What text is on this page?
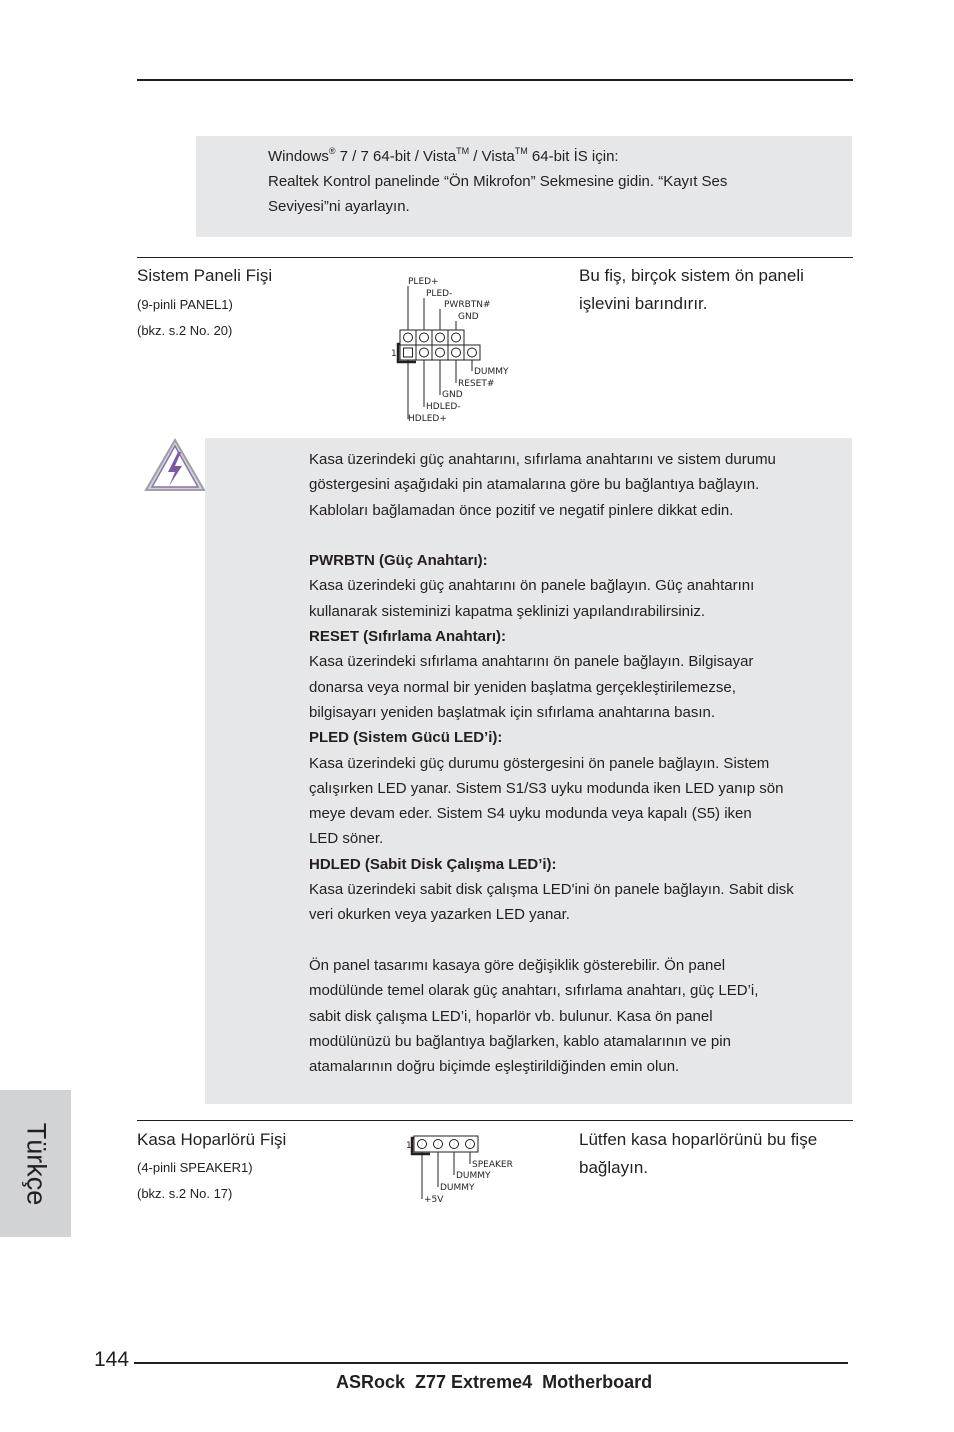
Windows® 7 / 7 64-bit / Vista™ / Vista™ 64-bit İS için:
Realtek Kontrol panelinde “Ön Mikrofon” Sekmesine gidin. “Kayıt Ses
Seviyesi”ni ayarlayın.
Sistem Paneli Fişi
(9-pinli PANEL1)
(bkz. s.2 No. 20)
Bu fiş, birçok sistem ön paneli
işlevini barındırır.
PLED+
PLED-
PWRBTN#
GND
1
DUMMY
RESET#
GND
HDLED-
HDLED+
Kasa üzerindeki güç anahtarını, sıfırlama anahtarını ve sistem durumu
göstergesini aşağıdaki pin atamalarına göre bu bağlantıya bağlayın.
Kabloları bağlamadan önce pozitif ve negatif pinlere dikkat edin.
PWRBTN (Güç Anahtarı):
Kasa üzerindeki güç anahtarını ön panele bağlayın. Güç anahtarını
kullanarak sisteminizi kapatma şeklinizi yapılandırabilirsiniz.
RESET (Sıfırlama Anahtarı):
Kasa üzerindeki sıfırlama anahtarını ön panele bağlayın. Bilgisayar
donarsa veya normal bir yeniden başlatma gerçekleştirilemezse,
bilgisayarı yeniden başlatmak için sıfırlama anahtarına basın.
PLED (Sistem Gücü LED’i):
Kasa üzerindeki güç durumu göstergesini ön panele bağlayın. Sistem
çalışırken LED yanar. Sistem S1/S3 uyku modunda iken LED yanıp sön
meye devam eder. Sistem S4 uyku modunda veya kapalı (S5) iken
LED söner.
HDLED (Sabit Disk Çalışma LED’i):
Kasa üzerindeki sabit disk çalışma LED'ini ön panele bağlayın. Sabit disk
veri okurken veya yazarken LED yanar.
Ön panel tasarımı kasaya göre değişiklik gösterebilir. Ön panel
modülünde temel olarak güç anahtarı, sıfırlama anahtarı, güç LED’i,
sabit disk çalışma LED’i, hoparlör vb. bulunur. Kasa ön panel
modülünüzü bu bağlantıya bağlarken, kablo atamalarının ve pin
atamalarının doğru biçimde eşleştirildiğinden emin olun.
Kasa Hoparlörü Fişi
(4-pinli SPEAKER1)
(bkz. s.2 No. 17)
Lütfen kasa hoparlörünü bu fişe
bağlayın.
1
SPEAKER
DUMMY
DUMMY
+5V
Türkçe
144
ASRock  Z77 Extreme4  Motherboard
